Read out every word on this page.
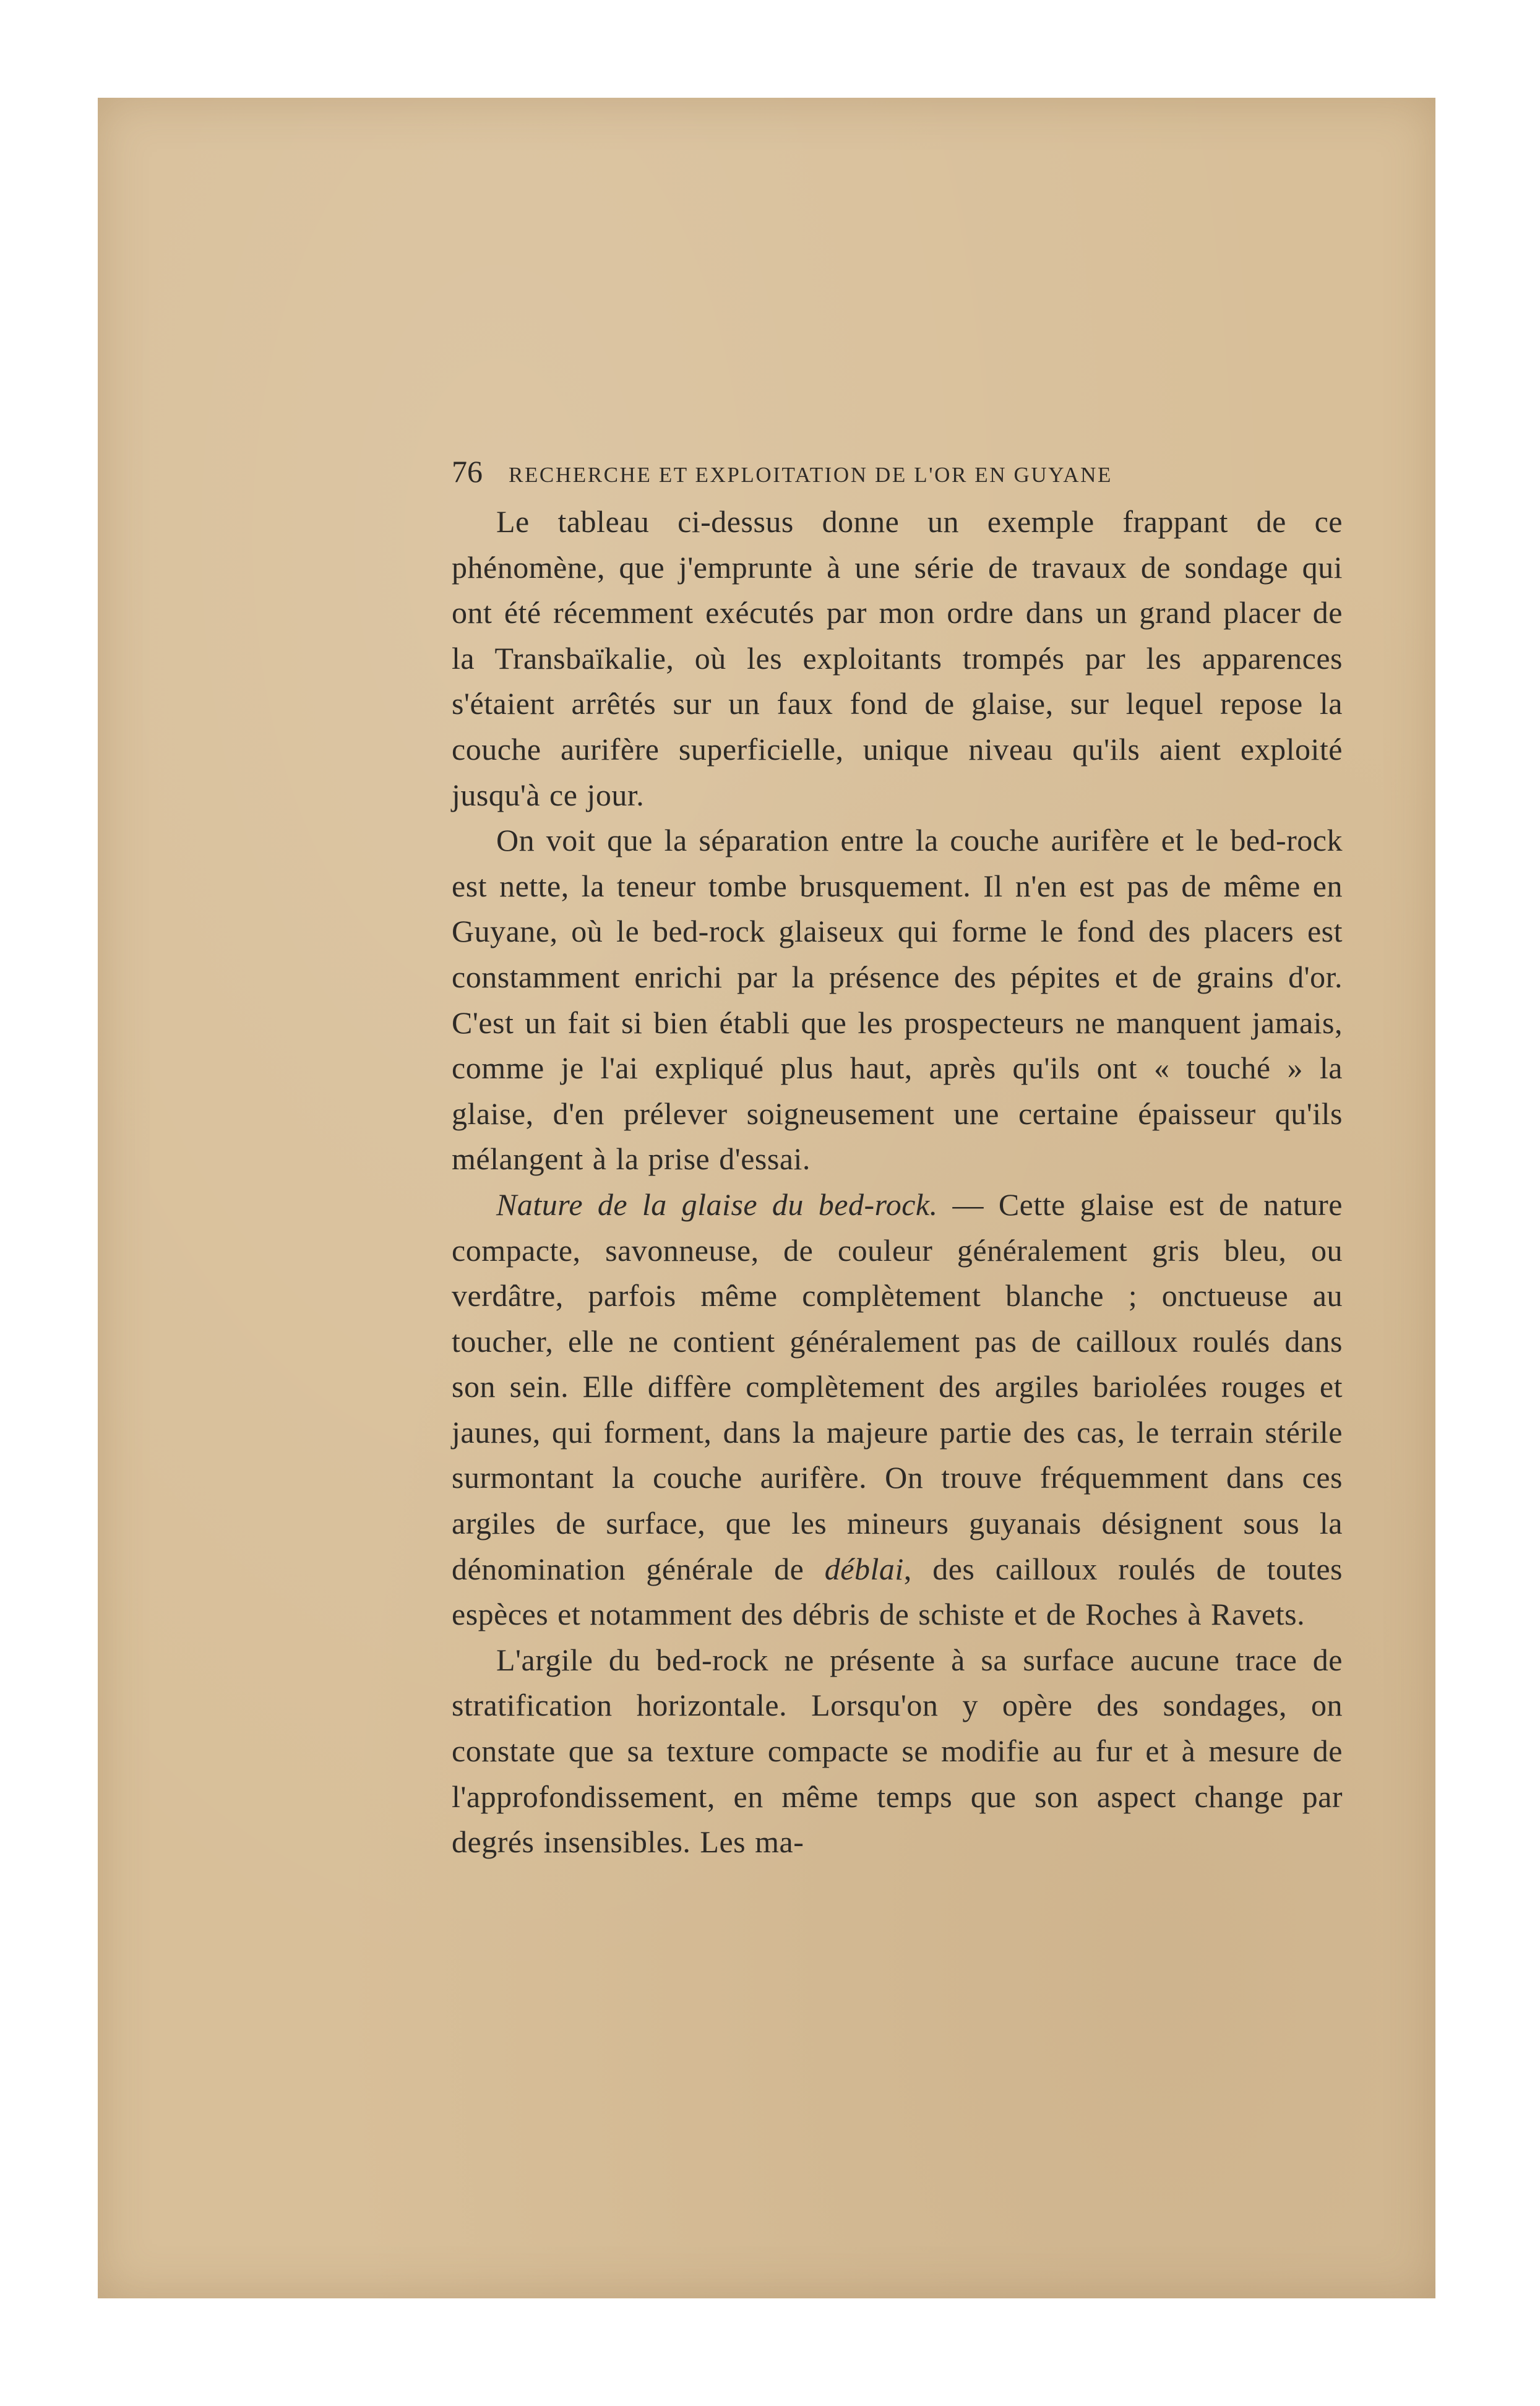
76 RECHERCHE ET EXPLOITATION DE L'OR EN GUYANE

Le tableau ci-dessus donne un exemple frappant de ce phénomène, que j'emprunte à une série de travaux de sondage qui ont été récemment exécutés par mon ordre dans un grand placer de la Transbaïkalie, où les exploitants trompés par les apparences s'étaient arrêtés sur un faux fond de glaise, sur lequel repose la couche aurifère superficielle, unique niveau qu'ils aient exploité jusqu'à ce jour.

On voit que la séparation entre la couche aurifère et le bed-rock est nette, la teneur tombe brusquement. Il n'en est pas de même en Guyane, où le bed-rock glaiseux qui forme le fond des placers est constamment enrichi par la présence des pépites et de grains d'or. C'est un fait si bien établi que les prospecteurs ne manquent jamais, comme je l'ai expliqué plus haut, après qu'ils ont « touché » la glaise, d'en prélever soigneusement une certaine épaisseur qu'ils mélangent à la prise d'essai.

Nature de la glaise du bed-rock. — Cette glaise est de nature compacte, savonneuse, de couleur généralement gris bleu, ou verdâtre, parfois même complètement blanche ; onctueuse au toucher, elle ne contient généralement pas de cailloux roulés dans son sein. Elle diffère complètement des argiles bariolées rouges et jaunes, qui forment, dans la majeure partie des cas, le terrain stérile surmontant la couche aurifère. On trouve fréquemment dans ces argiles de surface, que les mineurs guyanais désignent sous la dénomination générale de déblai, des cailloux roulés de toutes espèces et notamment des débris de schiste et de Roches à Ravets.

L'argile du bed-rock ne présente à sa surface aucune trace de stratification horizontale. Lorsqu'on y opère des sondages, on constate que sa texture compacte se modifie au fur et à mesure de l'approfondissement, en même temps que son aspect change par degrés insensibles. Les ma-
